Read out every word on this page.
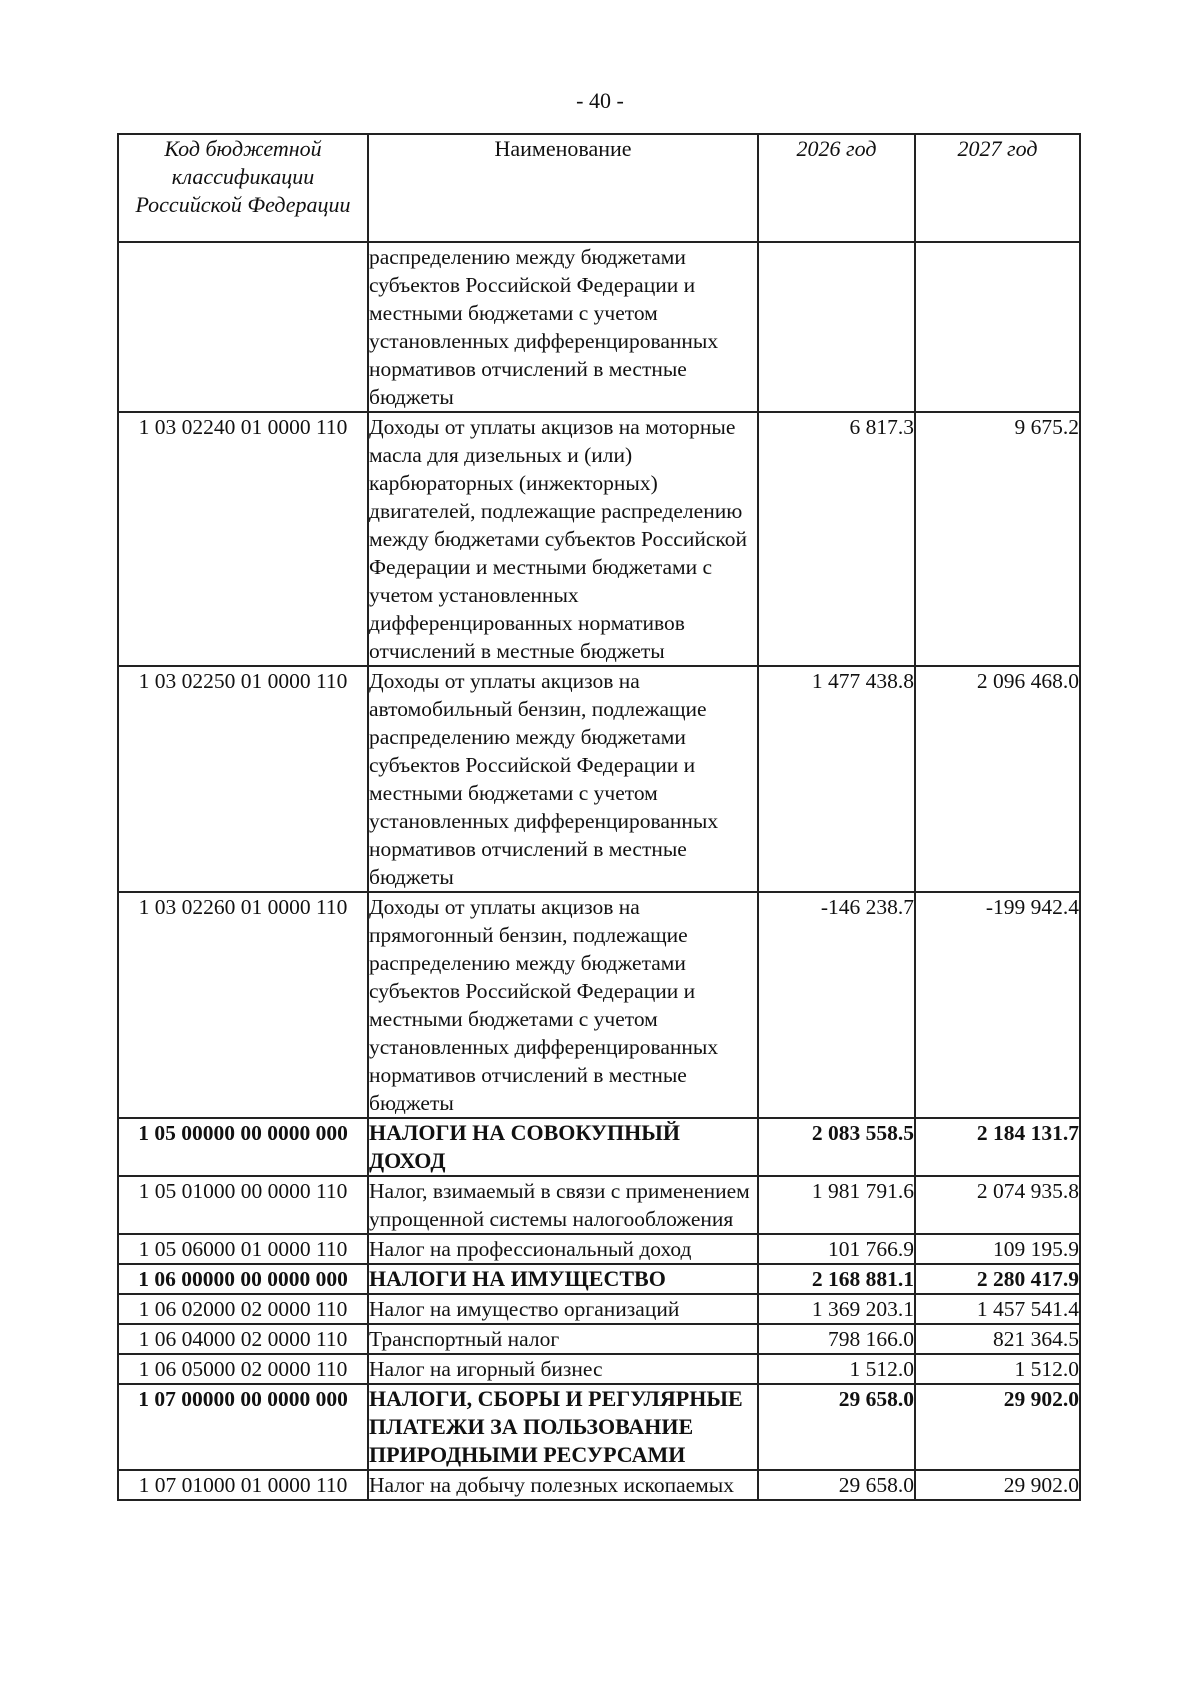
- 40 -
Код бюджетной классификации Российской Федерации	Наименование	2026 год	2027 год
	распределению между бюджетами субъектов Российской Федерации и местными бюджетами с учетом установленных дифференцированных нормативов отчислений в местные бюджеты		
1 03 02240 01 0000 110	Доходы от уплаты акцизов на моторные масла для дизельных и (или) карбюраторных (инжекторных) двигателей, подлежащие распределению между бюджетами субъектов Российской Федерации и местными бюджетами с учетом установленных дифференцированных нормативов отчислений в местные бюджеты	6 817.3	9 675.2
1 03 02250 01 0000 110	Доходы от уплаты акцизов на автомобильный бензин, подлежащие распределению между бюджетами субъектов Российской Федерации и местными бюджетами с учетом установленных дифференцированных нормативов отчислений в местные бюджеты	1 477 438.8	2 096 468.0
1 03 02260 01 0000 110	Доходы от уплаты акцизов на прямогонный бензин, подлежащие распределению между бюджетами субъектов Российской Федерации и местными бюджетами с учетом установленных дифференцированных нормативов отчислений в местные бюджеты	-146 238.7	-199 942.4
1 05 00000 00 0000 000	НАЛОГИ НА СОВОКУПНЫЙ ДОХОД	2 083 558.5	2 184 131.7
1 05 01000 00 0000 110	Налог, взимаемый в связи с применением упрощенной системы налогообложения	1 981 791.6	2 074 935.8
1 05 06000 01 0000 110	Налог на профессиональный доход	101 766.9	109 195.9
1 06 00000 00 0000 000	НАЛОГИ НА ИМУЩЕСТВО	2 168 881.1	2 280 417.9
1 06 02000 02 0000 110	Налог на имущество организаций	1 369 203.1	1 457 541.4
1 06 04000 02 0000 110	Транспортный налог	798 166.0	821 364.5
1 06 05000 02 0000 110	Налог на игорный бизнес	1 512.0	1 512.0
1 07 00000 00 0000 000	НАЛОГИ, СБОРЫ И РЕГУЛЯРНЫЕ ПЛАТЕЖИ ЗА ПОЛЬЗОВАНИЕ ПРИРОДНЫМИ РЕСУРСАМИ	29 658.0	29 902.0
1 07 01000 01 0000 110	Налог на добычу полезных ископаемых	29 658.0	29 902.0
